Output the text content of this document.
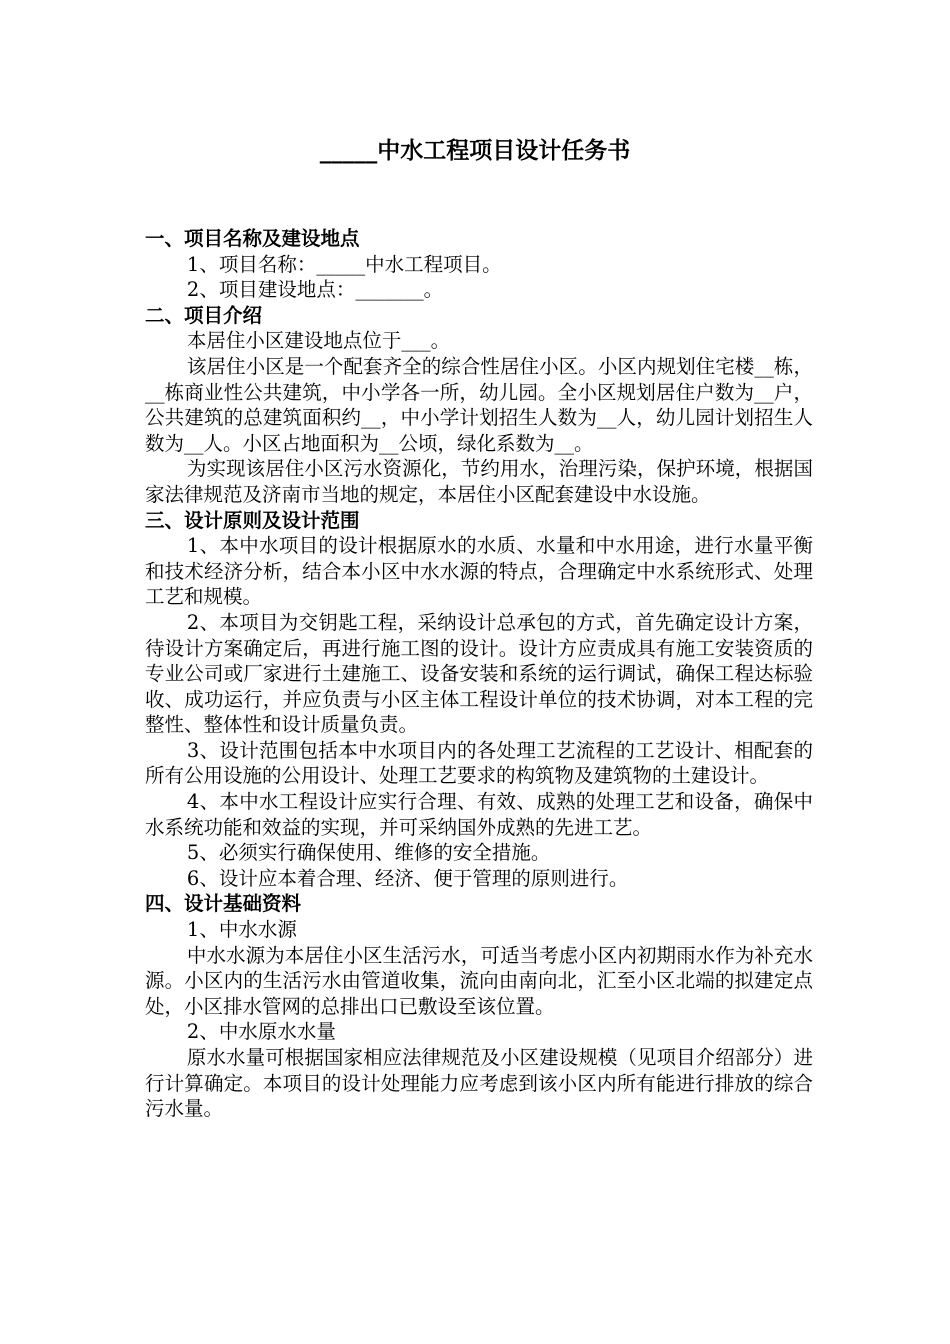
_____中水工程项目设计任务书
一、项目名称及建设地点
1、项目名称：_____中水工程项目。
2、项目建设地点：_______。
二、项目介绍
本居住小区建设地点位于___。
该居住小区是一个配套齐全的综合性居住小区。小区内规划住宅楼__栋，__栋商业性公共建筑，中小学各一所，幼儿园。全小区规划居住户数为__户，公共建筑的总建筑面积约__，中小学计划招生人数为__人，幼儿园计划招生人数为__人。小区占地面积为__公顷，绿化系数为__。
为实现该居住小区污水资源化，节约用水，治理污染，保护环境，根据国家法律规范及济南市当地的规定，本居住小区配套建设中水设施。
三、设计原则及设计范围
1、本中水项目的设计根据原水的水质、水量和中水用途，进行水量平衡和技术经济分析，结合本小区中水水源的特点，合理确定中水系统形式、处理工艺和规模。
2、本项目为交钥匙工程，采纳设计总承包的方式，首先确定设计方案，待设计方案确定后，再进行施工图的设计。设计方应责成具有施工安装资质的专业公司或厂家进行土建施工、设备安装和系统的运行调试，确保工程达标验收、成功运行，并应负责与小区主体工程设计单位的技术协调，对本工程的完整性、整体性和设计质量负责。
3、设计范围包括本中水项目内的各处理工艺流程的工艺设计、相配套的所有公用设施的公用设计、处理工艺要求的构筑物及建筑物的土建设计。
4、本中水工程设计应实行合理、有效、成熟的处理工艺和设备，确保中水系统功能和效益的实现，并可采纳国外成熟的先进工艺。
5、必须实行确保使用、维修的安全措施。
6、设计应本着合理、经济、便于管理的原则进行。
四、设计基础资料
1、中水水源
中水水源为本居住小区生活污水，可适当考虑小区内初期雨水作为补充水源。小区内的生活污水由管道收集，流向由南向北，汇至小区北端的拟建定点处，小区排水管网的总排出口已敷设至该位置。
2、中水原水水量
原水水量可根据国家相应法律规范及小区建设规模（见项目介绍部分）进行计算确定。本项目的设计处理能力应考虑到该小区内所有能进行排放的综合污水量。
